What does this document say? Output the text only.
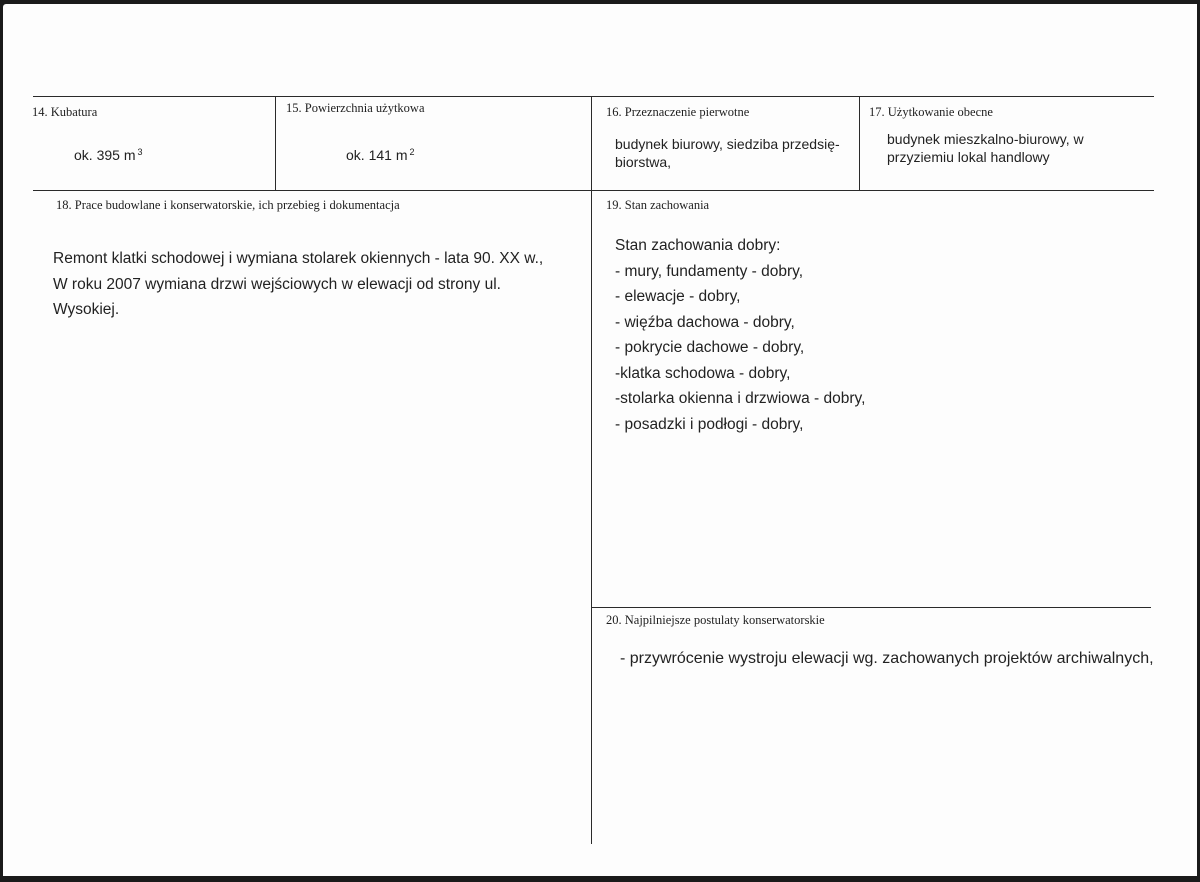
14. Kubatura

ok. 395 m $^3$

15. Powierzchnia użytkowa

ok. 141 m $^2$

16. Przeznaczenie pierwotne

budynek biurowy, siedziba przedsię-
biorstwa,

17. Użytkowanie obecne

budynek mieszkalno-biurowy, w
przyziemiu lokal handlowy

18. Prace budowlane i konserwatorskie, ich przebieg i dokumentacja

Remont klatki schodowej i wymiana stolarek okiennych - lata 90. XX w.,
W roku 2007 wymiana drzwi wejściowych w elewacji od strony ul.
Wysokiej.

19. Stan zachowania

Stan zachowania dobry:
- mury, fundamenty - dobry,
- elewacje - dobry,
- więźba dachowa - dobry,
- pokrycie dachowe - dobry,
-klatka schodowa - dobry,
-stolarka okienna i drzwiowa - dobry,
- posadzki i podłogi - dobry,

20. Najpilniejsze postulaty konserwatorskie

- przywrócenie wystroju elewacji wg. zachowanych projektów archiwalnych,
